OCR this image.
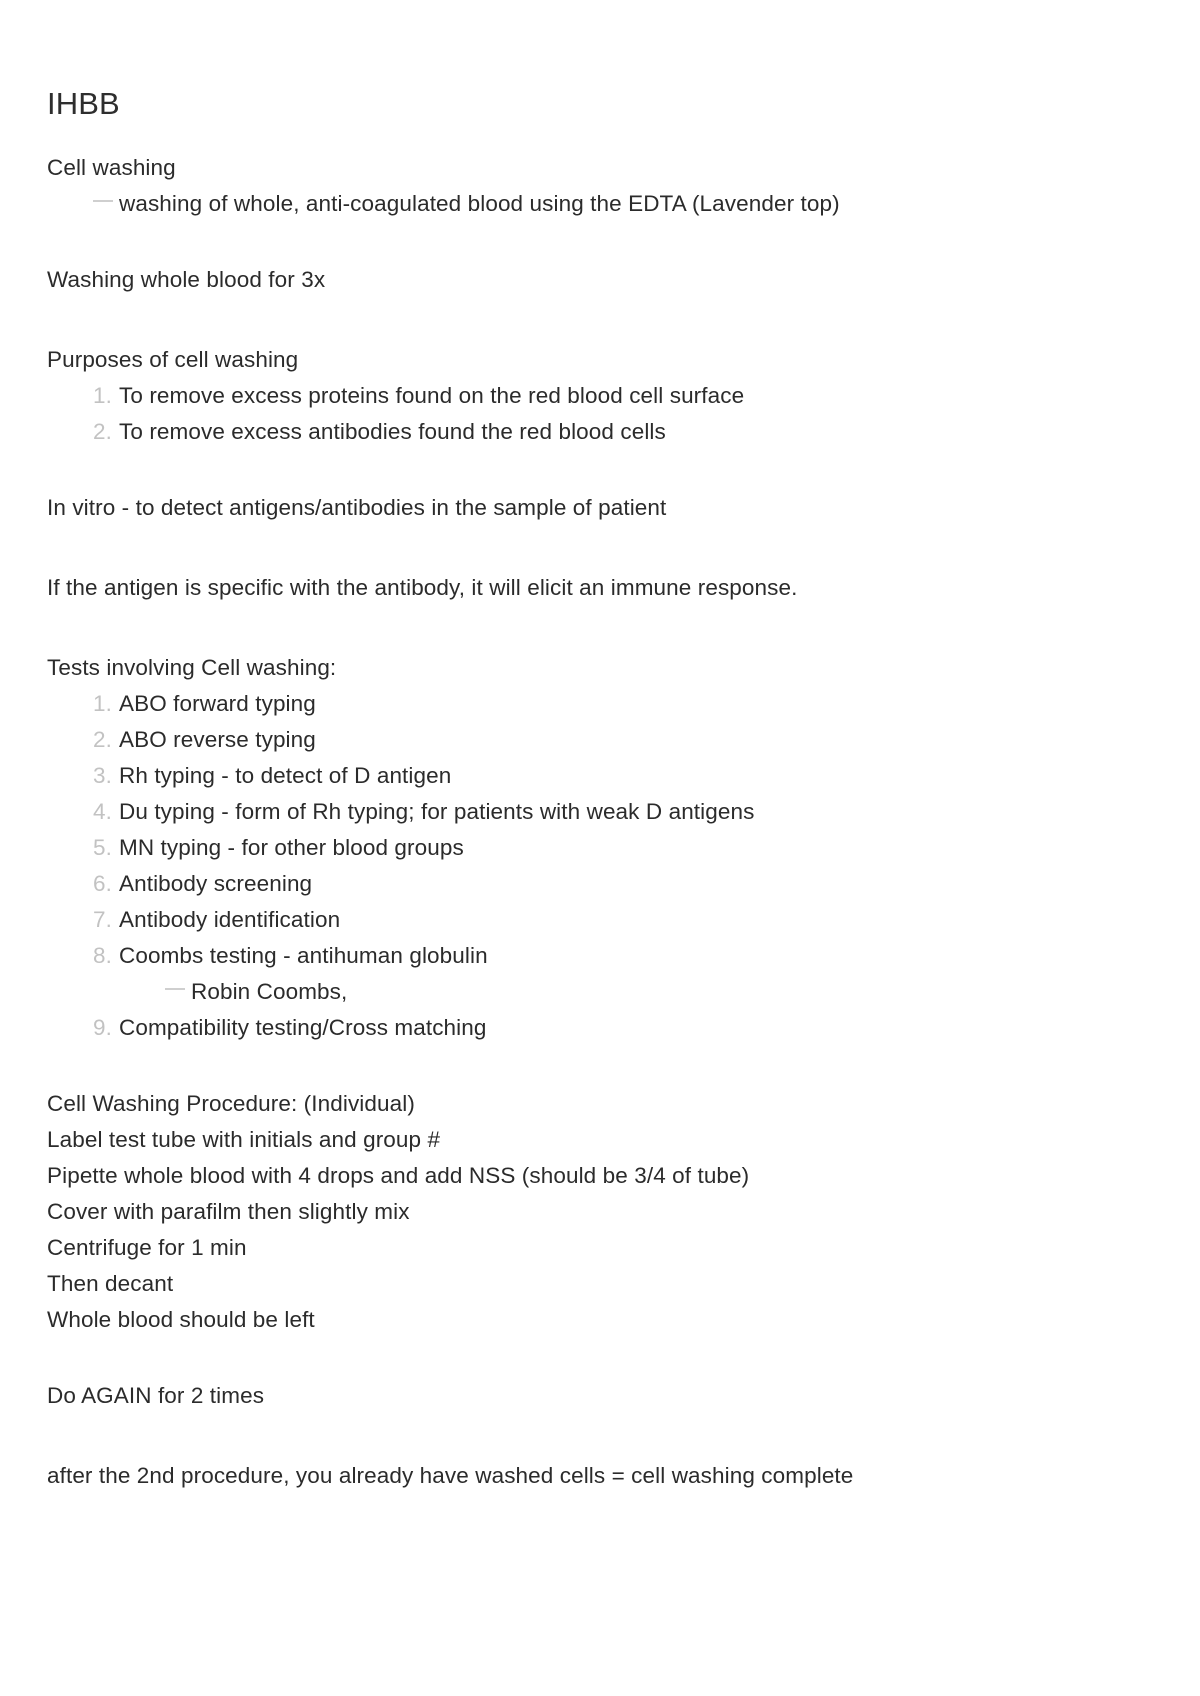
IHBB
Cell washing
washing of whole, anti-coagulated blood using the EDTA (Lavender top)
Washing whole blood for 3x
Purposes of cell washing
1. To remove excess proteins found on the red blood cell surface
2. To remove excess antibodies found the red blood cells
In vitro - to detect antigens/antibodies in the sample of patient
If the antigen is specific with the antibody, it will elicit an immune response.
Tests involving Cell washing:
1. ABO forward typing
2. ABO reverse typing
3. Rh typing - to detect of D antigen
4. Du typing - form of Rh typing; for patients with weak D antigens
5. MN typing - for other blood groups
6. Antibody screening
7. Antibody identification
8. Coombs testing - antihuman globulin
Robin Coombs,
9. Compatibility testing/Cross matching
Cell Washing Procedure: (Individual)
Label test tube with initials and group #
Pipette whole blood with 4 drops and add NSS (should be 3/4 of tube)
Cover with parafilm then slightly mix
Centrifuge for 1 min
Then decant
Whole blood should be left
Do AGAIN for 2 times
after the 2nd procedure, you already have washed cells = cell washing complete
